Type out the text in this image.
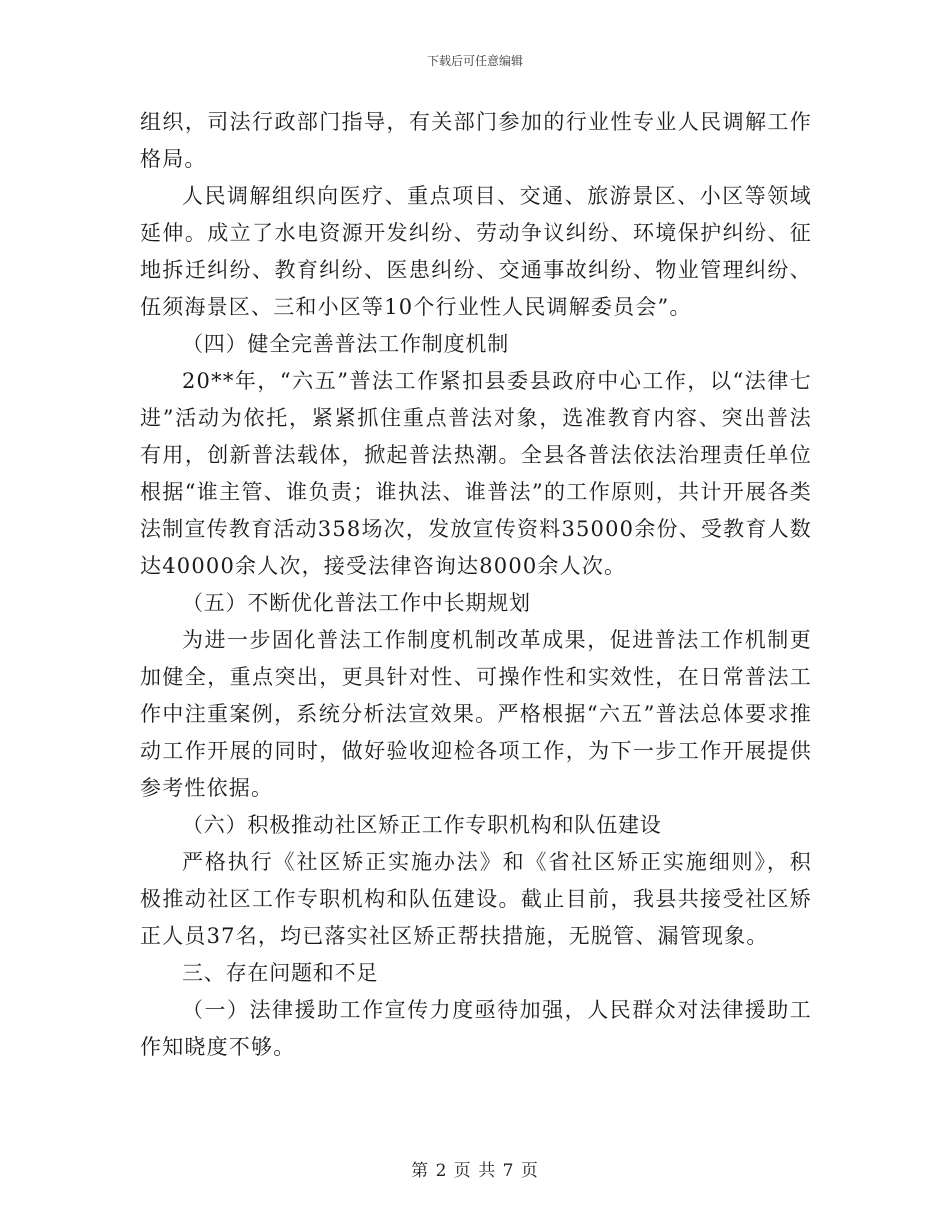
下载后可任意编辑

组织，司法行政部门指导，有关部门参加的行业性专业人民调解工作格局。

人民调解组织向医疗、重点项目、交通、旅游景区、小区等领域延伸。成立了水电资源开发纠纷、劳动争议纠纷、环境保护纠纷、征地拆迁纠纷、教育纠纷、医患纠纷、交通事故纠纷、物业管理纠纷、伍须海景区、三和小区等10个行业性人民调解委员会”。

（四）健全完善普法工作制度机制

20**年，“六五”普法工作紧扣县委县政府中心工作，以“法律七进”活动为依托，紧紧抓住重点普法对象，选准教育内容、突出普法有用，创新普法载体，掀起普法热潮。全县各普法依法治理责任单位根据“谁主管、谁负责；谁执法、谁普法”的工作原则，共计开展各类法制宣传教育活动358场次，发放宣传资料35000余份、受教育人数达40000余人次，接受法律咨询达8000余人次。

（五）不断优化普法工作中长期规划

为进一步固化普法工作制度机制改革成果，促进普法工作机制更加健全，重点突出，更具针对性、可操作性和实效性，在日常普法工作中注重案例，系统分析法宣效果。严格根据“六五”普法总体要求推动工作开展的同时，做好验收迎检各项工作，为下一步工作开展提供参考性依据。

（六）积极推动社区矫正工作专职机构和队伍建设

严格执行《社区矫正实施办法》和《省社区矫正实施细则》，积极推动社区工作专职机构和队伍建设。截止目前，我县共接受社区矫正人员37名，均已落实社区矫正帮扶措施，无脱管、漏管现象。

三、存在问题和不足

（一）法律援助工作宣传力度亟待加强，人民群众对法律援助工作知晓度不够。

第 2 页 共 7 页
